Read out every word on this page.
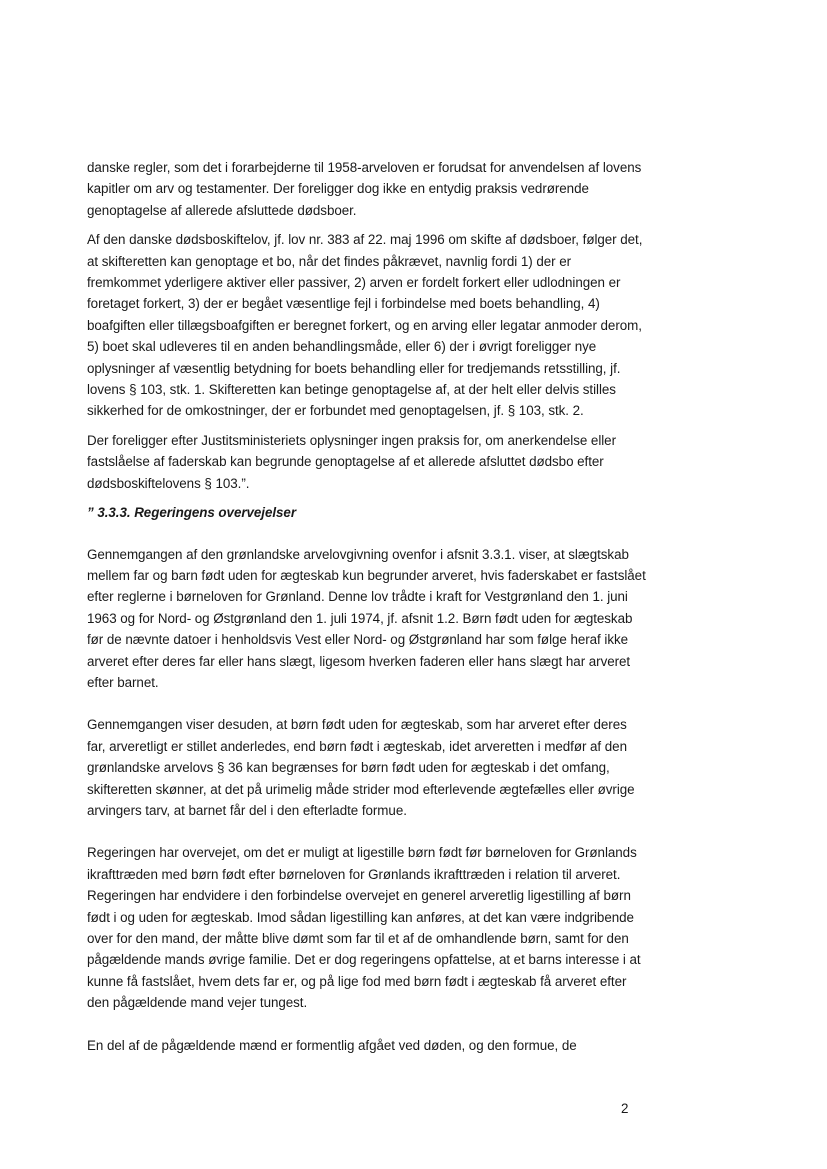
danske regler, som det i forarbejderne til 1958-arveloven er forudsat for anvendelsen af lovens kapitler om arv og testamenter. Der foreligger dog ikke en entydig praksis vedrørende genoptagelse af allerede afsluttede dødsboer.

Af den danske dødsboskiftelov, jf. lov nr. 383 af 22. maj 1996 om skifte af dødsboer, følger det, at skifteretten kan genoptage et bo, når det findes påkrævet, navnlig fordi 1) der er fremkommet yderligere aktiver eller passiver, 2) arven er fordelt forkert eller udlodningen er foretaget forkert, 3) der er begået væsentlige fejl i forbindelse med boets behandling, 4) boafgiften eller tillægsboafgiften er beregnet forkert, og en arving eller legatar anmoder derom, 5) boet skal udleveres til en anden behandlingsmåde, eller 6) der i øvrigt foreligger nye oplysninger af væsentlig betydning for boets behandling eller for tredjemands retsstilling, jf. lovens § 103, stk. 1. Skifteretten kan betinge genoptagelse af, at der helt eller delvis stilles sikkerhed for de omkostninger, der er forbundet med genoptagelsen, jf. § 103, stk. 2.

Der foreligger efter Justitsministeriets oplysninger ingen praksis for, om anerkendelse eller fastslåelse af faderskab kan begrunde genoptagelse af et allerede afsluttet dødsbo efter dødsboskiftelovens § 103.”.

” 3.3.3. Regeringens overvejelser

Gennemgangen af den grønlandske arvelovgivning ovenfor i afsnit 3.3.1. viser, at slægtskab mellem far og barn født uden for ægteskab kun begrunder arveret, hvis faderskabet er fastslået efter reglerne i børneloven for Grønland. Denne lov trådte i kraft for Vestgrønland den 1. juni 1963 og for Nord- og Østgrønland den 1. juli 1974, jf. afsnit 1.2. Børn født uden for ægteskab før de nævnte datoer i henholdsvis Vest eller Nord- og Østgrønland har som følge heraf ikke arveret efter deres far eller hans slægt, ligesom hverken faderen eller hans slægt har arveret efter barnet.

Gennemgangen viser desuden, at børn født uden for ægteskab, som har arveret efter deres far, arveretligt er stillet anderledes, end børn født i ægteskab, idet arveretten i medfør af den grønlandske arvelovs § 36 kan begrænses for børn født uden for ægteskab i det omfang, skifteretten skønner, at det på urimelig måde strider mod efterlevende ægtefælles eller øvrige arvingers tarv, at barnet får del i den efterladte formue.

Regeringen har overvejet, om det er muligt at ligestille børn født før børneloven for Grønlands ikrafttræden med børn født efter børneloven for Grønlands ikrafttræden i relation til arveret. Regeringen har endvidere i den forbindelse overvejet en generel arveretlig ligestilling af børn født i og uden for ægteskab. Imod sådan ligestilling kan anføres, at det kan være indgribende over for den mand, der måtte blive dømt som far til et af de omhandlende børn, samt for den pågældende mands øvrige familie. Det er dog regeringens opfattelse, at et barns interesse i at kunne få fastslået, hvem dets far er, og på lige fod med børn født i ægteskab få arveret efter den pågældende mand vejer tungest.

En del af de pågældende mænd er formentlig afgået ved døden, og den formue, de

2
